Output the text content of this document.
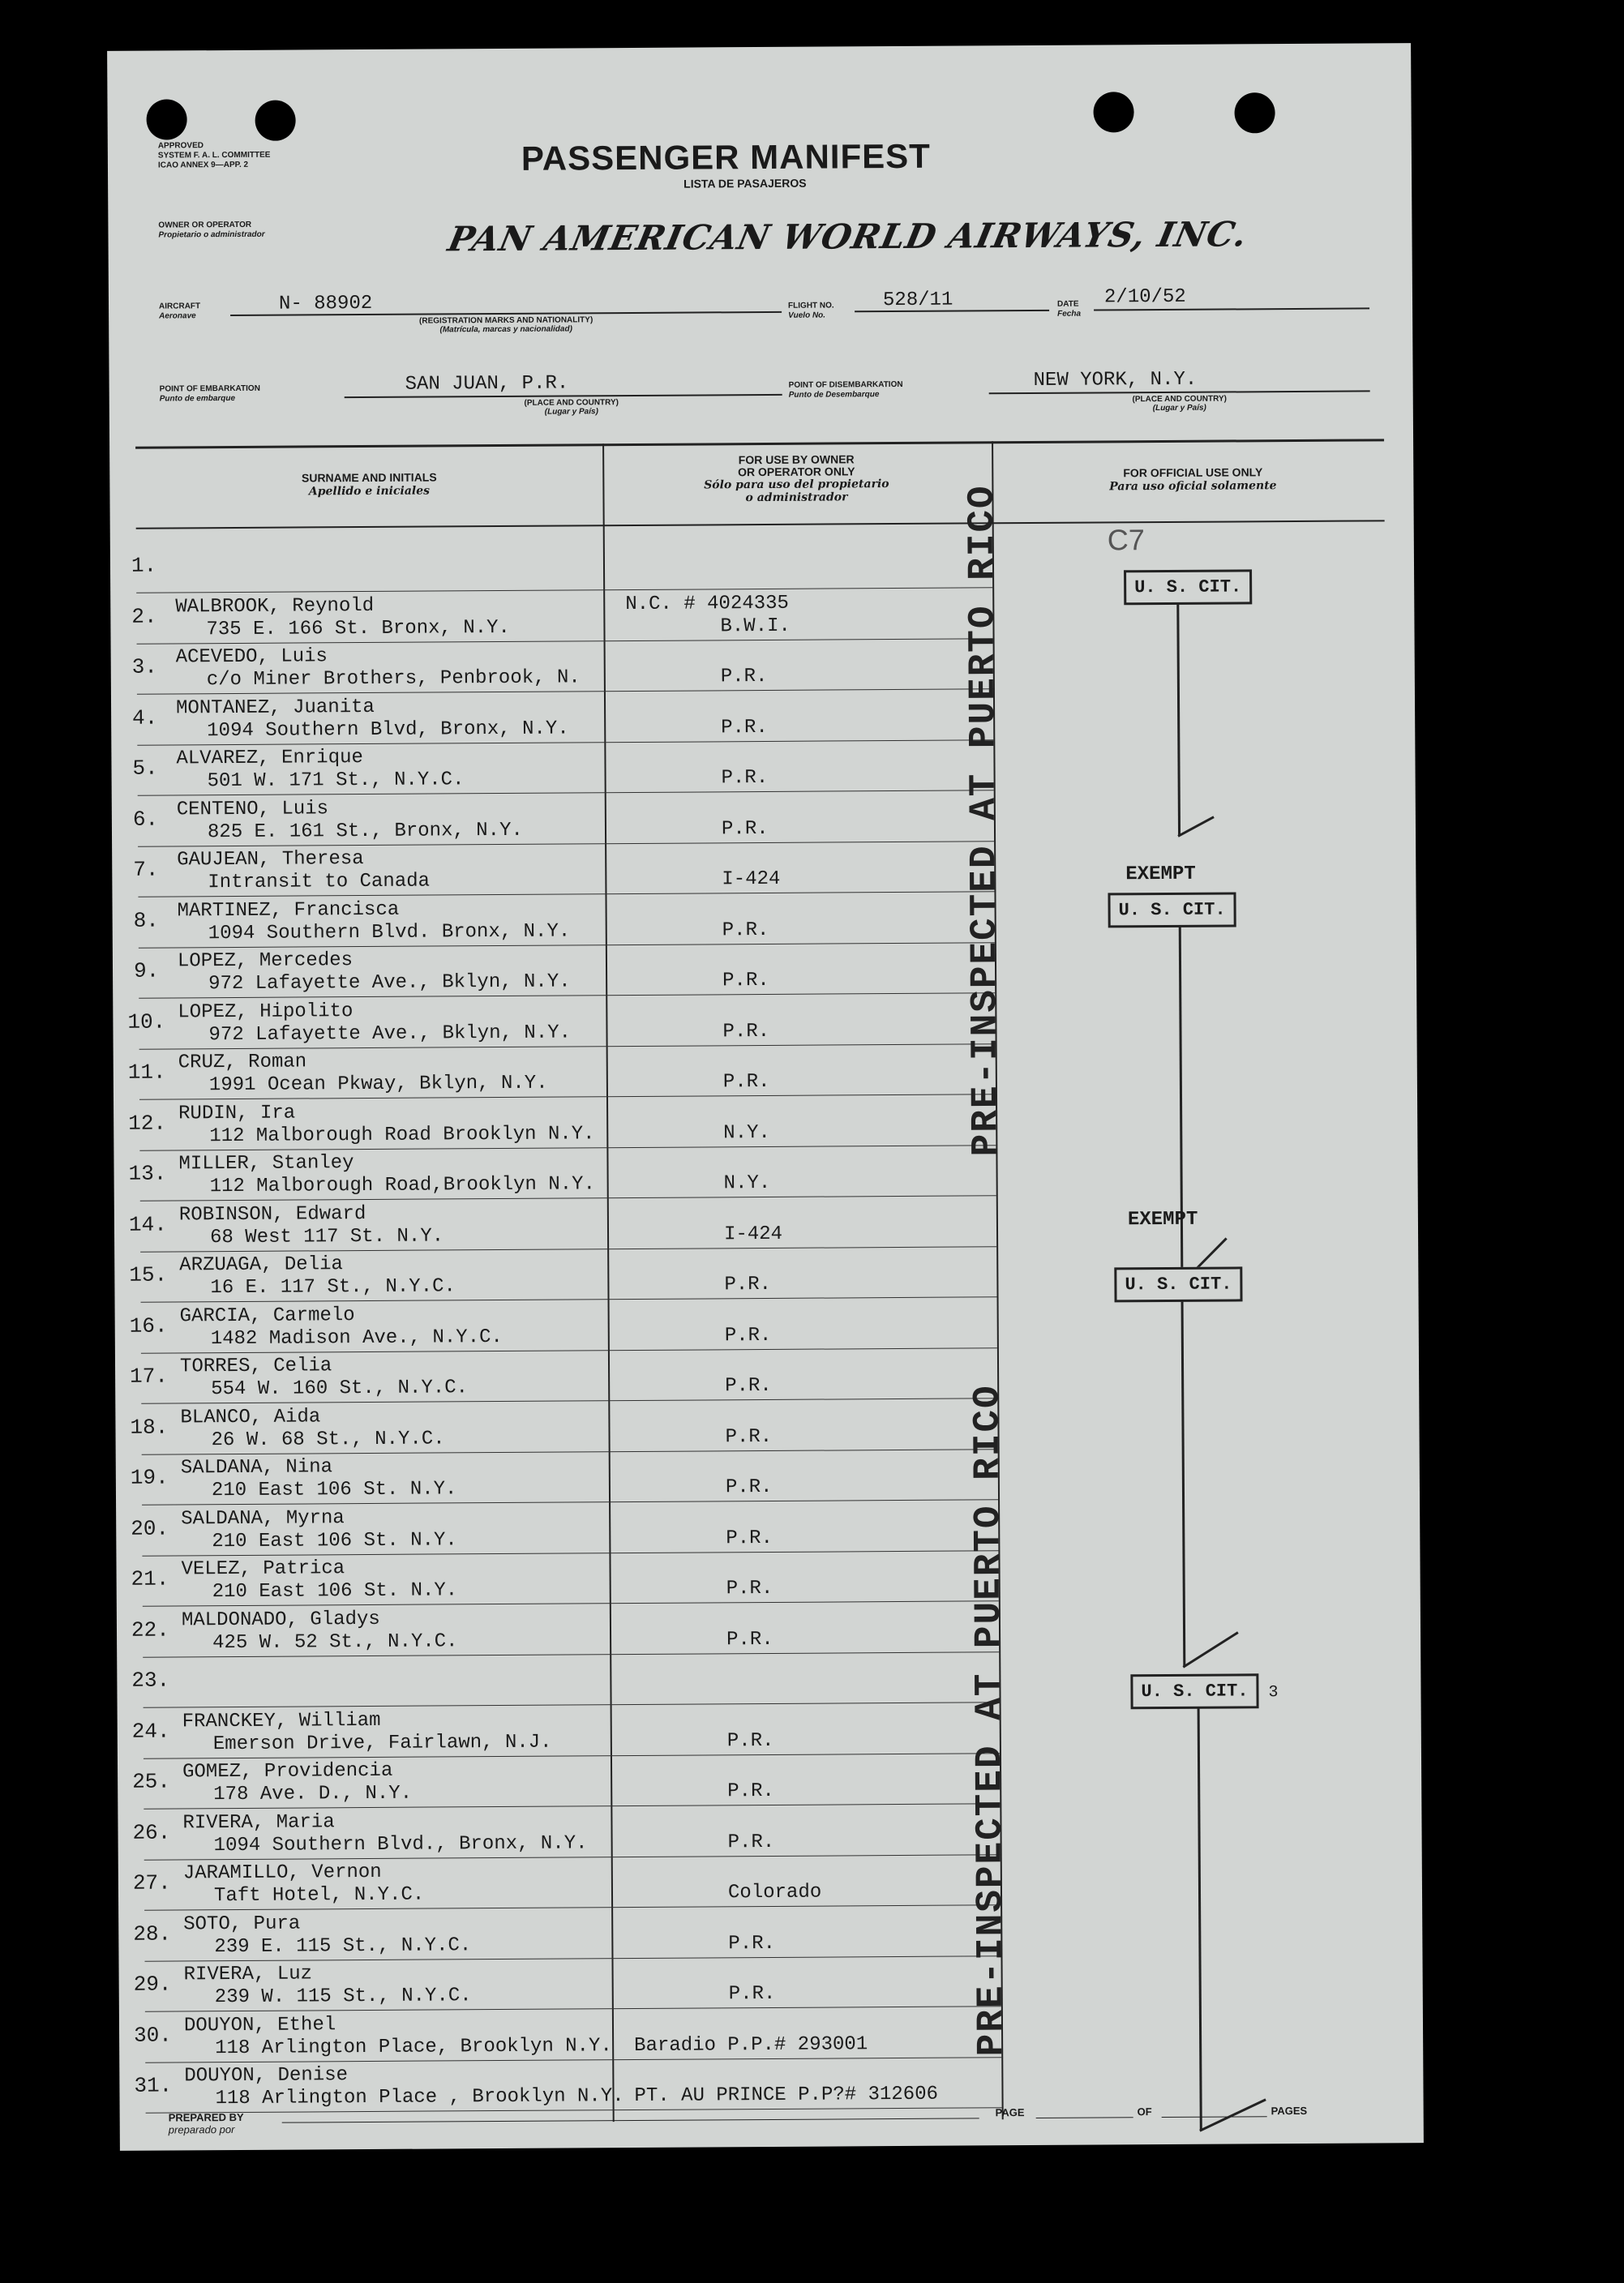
APPROVED
SYSTEM F. A. L. COMMITTEE
ICAO ANNEX 9—APP. 2	PASSENGER MANIFEST
LISTA DE PASAJEROS
OWNER OR OPERATOR
Propietario o administrador	PAN AMERICAN WORLD AIRWAYS, INC.
AIRCRAFT
Aeronave
N- 88902
(REGISTRATION MARKS AND NATIONALITY)
(Matrícula, marcas y nacionalidad)
FLIGHT NO.
Vuelo No.
528/11	DATE
Fecha
2/10/52
POINT OF EMBARKATION
Punto de embarque
SAN JUAN, P.R.
(PLACE AND COUNTRY)
(Lugar y País)
POINT OF DISEMBARKATION
Punto de Desembarque
NEW YORK, N.Y.
(PLACE AND COUNTRY)
(Lugar y País)
SURNAME AND INITIALS
Apellido e iniciales
FOR USE BY OWNER
OR OPERATOR ONLY
Sólo para uso del propietario
o administrador
FOR OFFICIAL USE ONLY
Para uso oficial solamente
C7
1.
2. WALBROOK, Reynold
735 E. 166 St. Bronx, N.Y.
N.C. # 4024335
B.W.I.
3. ACEVEDO, Luis
c/o Miner Brothers, Penbrook, N.	P.R.
4. MONTANEZ, Juanita
1094 Southern Blvd, Bronx, N.Y.	P.R.
5. ALVAREZ, Enrique
501 W. 171 St., N.Y.C.	P.R.
6. CENTENO, Luis
825 E. 161 St., Bronx, N.Y.	P.R.
7. GAUJEAN, Theresa
Intransit to Canada	I-424
8. MARTINEZ, Francisca
1094 Southern Blvd. Bronx, N.Y.	P.R.
9. LOPEZ, Mercedes
972 Lafayette Ave., Bklyn, N.Y.	P.R.
10. LOPEZ, Hipolito
972 Lafayette Ave., Bklyn, N.Y.	P.R.
11. CRUZ, Roman
1991 Ocean Pkway, Bklyn, N.Y.	P.R.
12. RUDIN, Ira
112 Malborough Road Brooklyn N.Y.	N.Y.
13. MILLER, Stanley
112 Malborough Road,Brooklyn N.Y.	N.Y.
14. ROBINSON, Edward
68 West 117 St. N.Y.	I-424
15. ARZUAGA, Delia
16 E. 117 St., N.Y.C.	P.R.
16. GARCIA, Carmelo
1482 Madison Ave., N.Y.C.	P.R.
17. TORRES, Celia
554 W. 160 St., N.Y.C.	P.R.
18. BLANCO, Aida
26 W. 68 St., N.Y.C.	P.R.
19. SALDANA, Nina
210 East 106 St. N.Y.	P.R.
20. SALDANA, Myrna
210 East 106 St. N.Y.	P.R.
21. VELEZ, Patrica
210 East 106 St. N.Y.	P.R.
22. MALDONADO, Gladys
425 W. 52 St., N.Y.C.	P.R.
23.
24. FRANCKEY, William
Emerson Drive, Fairlawn, N.J.	P.R.
25. GOMEZ, Providencia
178 Ave. D., N.Y.	P.R.
26. RIVERA, Maria
1094 Southern Blvd., Bronx, N.Y.	P.R.
27. JARAMILLO, Vernon
Taft Hotel, N.Y.C.	Colorado
28. SOTO, Pura
239 E. 115 St., N.Y.C.	P.R.
29. RIVERA, Luz
239 W. 115 St., N.Y.C.	P.R.
30. DOUYON, Ethel
118 Arlington Place, Brooklyn N.Y. Baradio P.P.# 293001
31. DOUYON, Denise
118 Arlington Place , Brooklyn N.Y. PT. AU PRINCE P.P?# 312606
PRE-INSPECTED AT PUERTO RICO
PRE-INSPECTED AT PUERTO RICO
U. S. CIT.
EXEMPT
U. S. CIT.
EXEMPT
U. S. CIT.
U. S. CIT.	3
PREPARED BY
preparado por
PAGE	OF	PAGES
